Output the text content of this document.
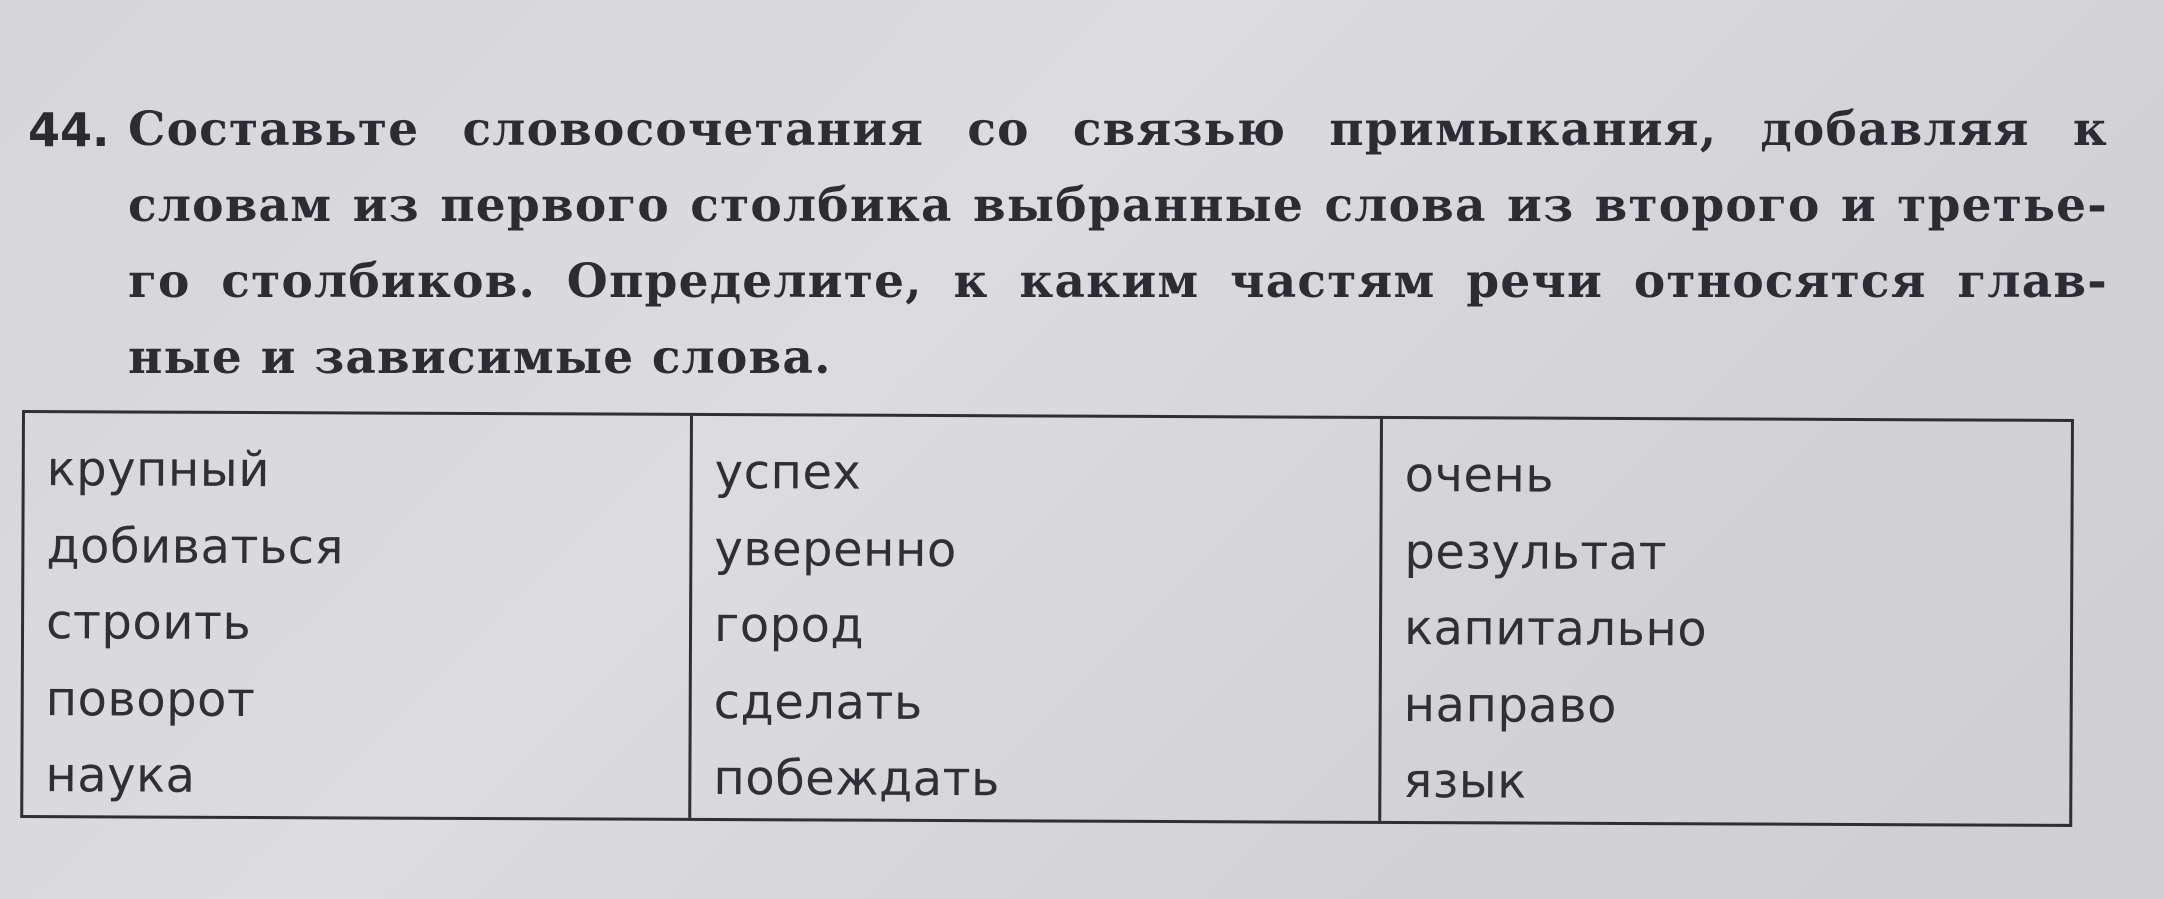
44. Составьте словосочетания со связью примыкания, добавляя к
словам из первого столбика выбранные слова из второго и третье-
го столбиков. Определите, к каким частям речи относятся глав-
ные и зависимые слова.

крупный
добиваться
строить
поворот
наука
успех
уверенно
город
сделать
побеждать
очень
результат
капитально
направо
язык
